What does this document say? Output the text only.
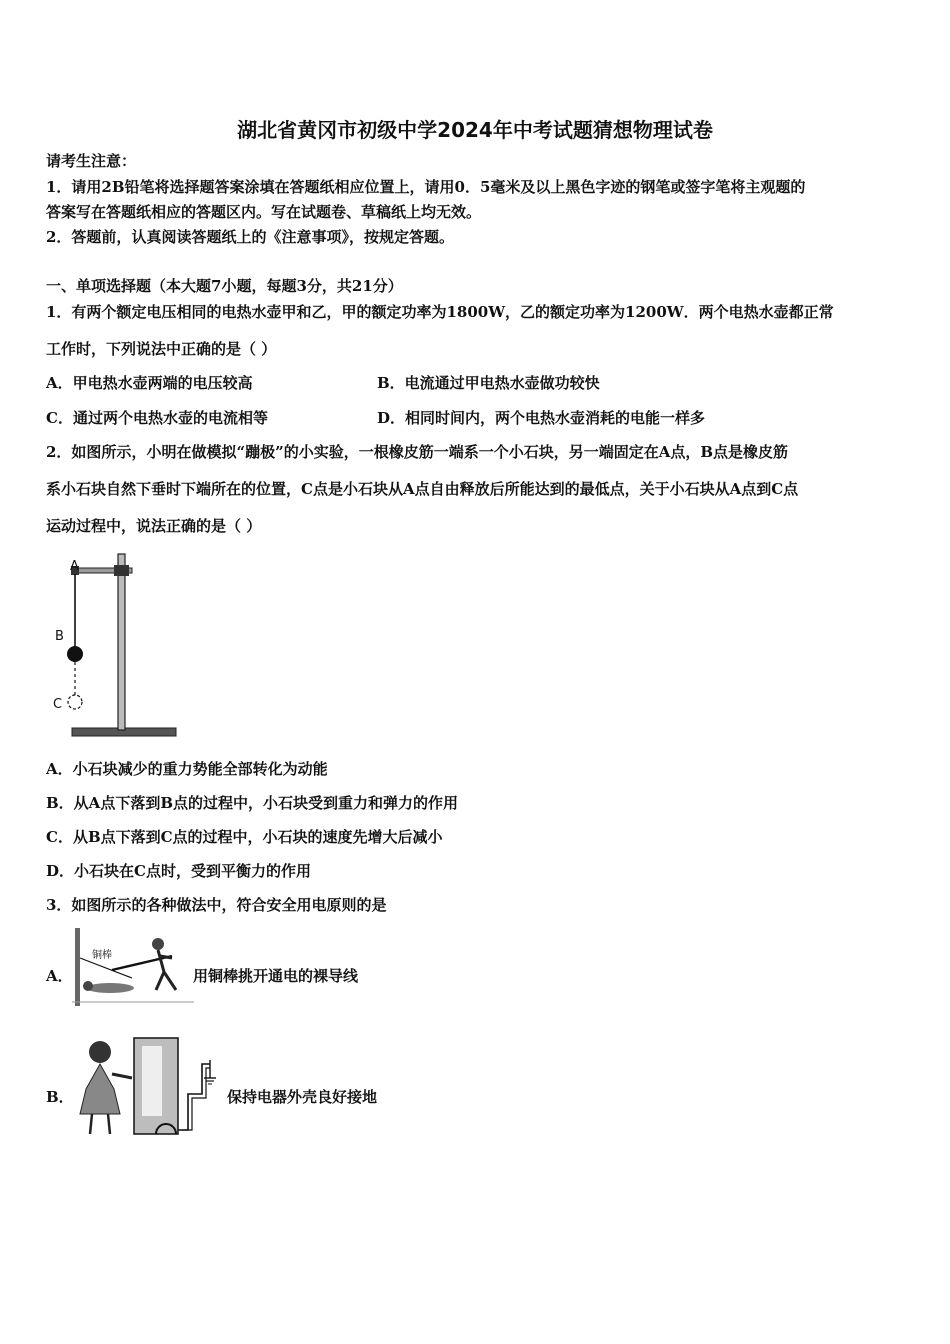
湖北省黄冈市初级中学2024年中考试题猜想物理试卷
请考生注意：
1．请用2B铅笔将选择题答案涂填在答题纸相应位置上，请用0．5毫米及以上黑色字迹的钢笔或签字笔将主观题的
答案写在答题纸相应的答题区内。写在试题卷、草稿纸上均无效。
2．答题前，认真阅读答题纸上的《注意事项》，按规定答题。
一、单项选择题（本大题7小题，每题3分，共21分）
1．有两个额定电压相同的电热水壶甲和乙，甲的额定功率为1800W，乙的额定功率为1200W．两个电热水壶都正常
工作时，下列说法中正确的是（ ）
A．甲电热水壶两端的电压较高	B．电流通过甲电热水壶做功较快
C．通过两个电热水壶的电流相等	D．相同时间内，两个电热水壶消耗的电能一样多
2．如图所示，小明在做模拟“蹦极”的小实验，一根橡皮筋一端系一个小石块，另一端固定在A点，B点是橡皮筋
系小石块自然下垂时下端所在的位置，C点是小石块从A点自由释放后所能达到的最低点，关于小石块从A点到C点
运动过程中，说法正确的是（ ）
A
B
C
A．小石块减少的重力势能全部转化为动能
B．从A点下落到B点的过程中，小石块受到重力和弹力的作用
C．从B点下落到C点的过程中，小石块的速度先增大后减小
D．小石块在C点时，受到平衡力的作用
3．如图所示的各种做法中，符合安全用电原则的是
A．
铜棒
用铜棒挑开通电的裸导线
B．	保持电器外壳良好接地
